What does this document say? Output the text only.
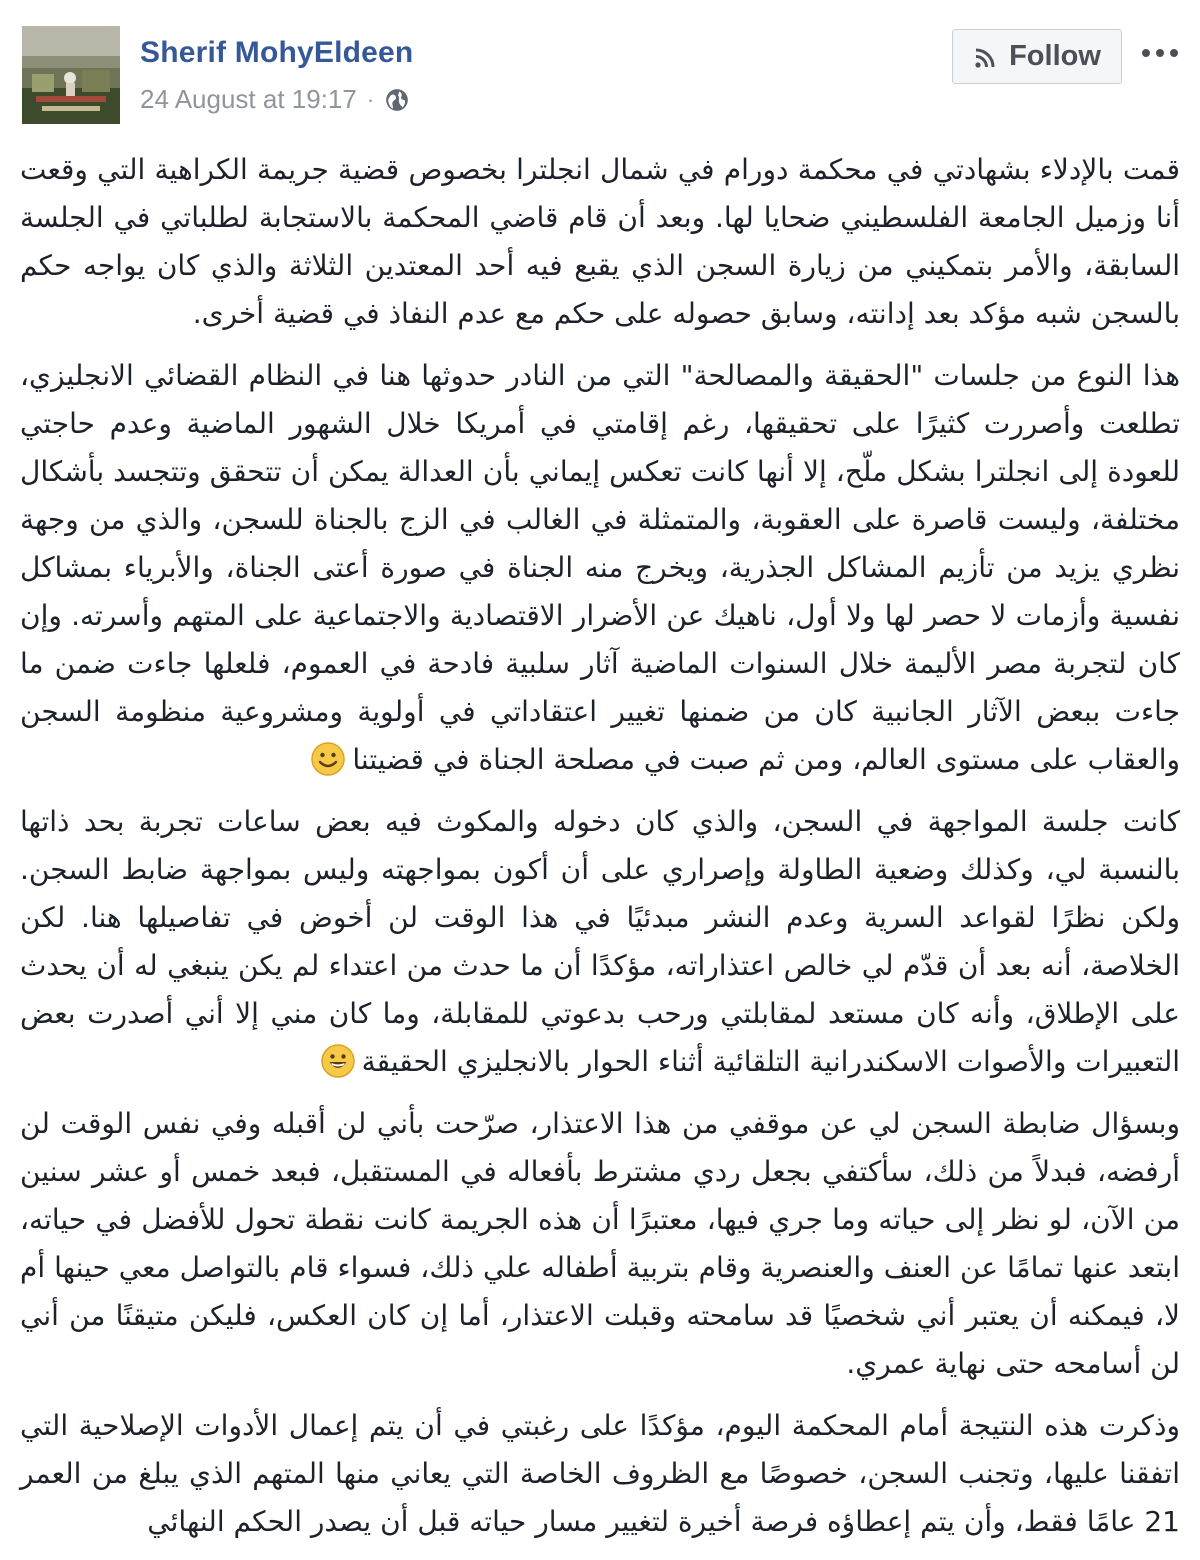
Sherif MohyEldeen
24 August at 19:17 ·
Follow

قمت بالإدلاء بشهادتي في محكمة دورام في شمال انجلترا بخصوص قضية جريمة الكراهية التي وقعت أنا وزميل الجامعة الفلسطيني ضحايا لها. وبعد أن قام قاضي المحكمة بالاستجابة لطلباتي في الجلسة السابقة، والأمر بتمكيني من زيارة السجن الذي يقبع فيه أحد المعتدين الثلاثة والذي كان يواجه حكم بالسجن شبه مؤكد بعد إدانته، وسابق حصوله على حكم مع عدم النفاذ في قضية أخرى.

هذا النوع من جلسات "الحقيقة والمصالحة" التي من النادر حدوثها هنا في النظام القضائي الانجليزي، تطلعت وأصررت كثيرًا على تحقيقها، رغم إقامتي في أمريكا خلال الشهور الماضية وعدم حاجتي للعودة إلى انجلترا بشكل ملّح، إلا أنها كانت تعكس إيماني بأن العدالة يمكن أن تتحقق وتتجسد بأشكال مختلفة، وليست قاصرة على العقوبة، والمتمثلة في الغالب في الزج بالجناة للسجن، والذي من وجهة نظري يزيد من تأزيم المشاكل الجذرية، ويخرج منه الجناة في صورة أعتى الجناة، والأبرياء بمشاكل نفسية وأزمات لا حصر لها ولا أول، ناهيك عن الأضرار الاقتصادية والاجتماعية على المتهم وأسرته. وإن كان لتجربة مصر الأليمة خلال السنوات الماضية آثار سلبية فادحة في العموم، فلعلها جاءت ضمن ما جاءت ببعض الآثار الجانبية كان من ضمنها تغيير اعتقاداتي في أولوية ومشروعية منظومة السجن والعقاب على مستوى العالم، ومن ثم صبت في مصلحة الجناة في قضيتنا

كانت جلسة المواجهة في السجن، والذي كان دخوله والمكوث فيه بعض ساعات تجربة بحد ذاتها بالنسبة لي، وكذلك وضعية الطاولة وإصراري على أن أكون بمواجهته وليس بمواجهة ضابط السجن. ولكن نظرًا لقواعد السرية وعدم النشر مبدئيًا في هذا الوقت لن أخوض في تفاصيلها هنا. لكن الخلاصة، أنه بعد أن قدّم لي خالص اعتذاراته، مؤكدًا أن ما حدث من اعتداء لم يكن ينبغي له أن يحدث على الإطلاق، وأنه كان مستعد لمقابلتي ورحب بدعوتي للمقابلة، وما كان مني إلا أني أصدرت بعض التعبيرات والأصوات الاسكندرانية التلقائية أثناء الحوار بالانجليزي الحقيقة

وبسؤال ضابطة السجن لي عن موقفي من هذا الاعتذار، صرّحت بأني لن أقبله وفي نفس الوقت لن أرفضه، فبدلاً من ذلك، سأكتفي بجعل ردي مشترط بأفعاله في المستقبل، فبعد خمس أو عشر سنين من الآن، لو نظر إلى حياته وما جري فيها، معتبرًا أن هذه الجريمة كانت نقطة تحول للأفضل في حياته، ابتعد عنها تمامًا عن العنف والعنصرية وقام بتربية أطفاله علي ذلك، فسواء قام بالتواصل معي حينها أم لا، فيمكنه أن يعتبر أني شخصيًا قد سامحته وقبلت الاعتذار، أما إن كان العكس، فليكن متيقنًا من أني لن أسامحه حتى نهاية عمري.

وذكرت هذه النتيجة أمام المحكمة اليوم، مؤكدًا على رغبتي في أن يتم إعمال الأدوات الإصلاحية التي اتفقنا عليها، وتجنب السجن، خصوصًا مع الظروف الخاصة التي يعاني منها المتهم الذي يبلغ من العمر 21 عامًا فقط، وأن يتم إعطاؤه فرصة أخيرة لتغيير مسار حياته قبل أن يصدر الحكم النهائي
